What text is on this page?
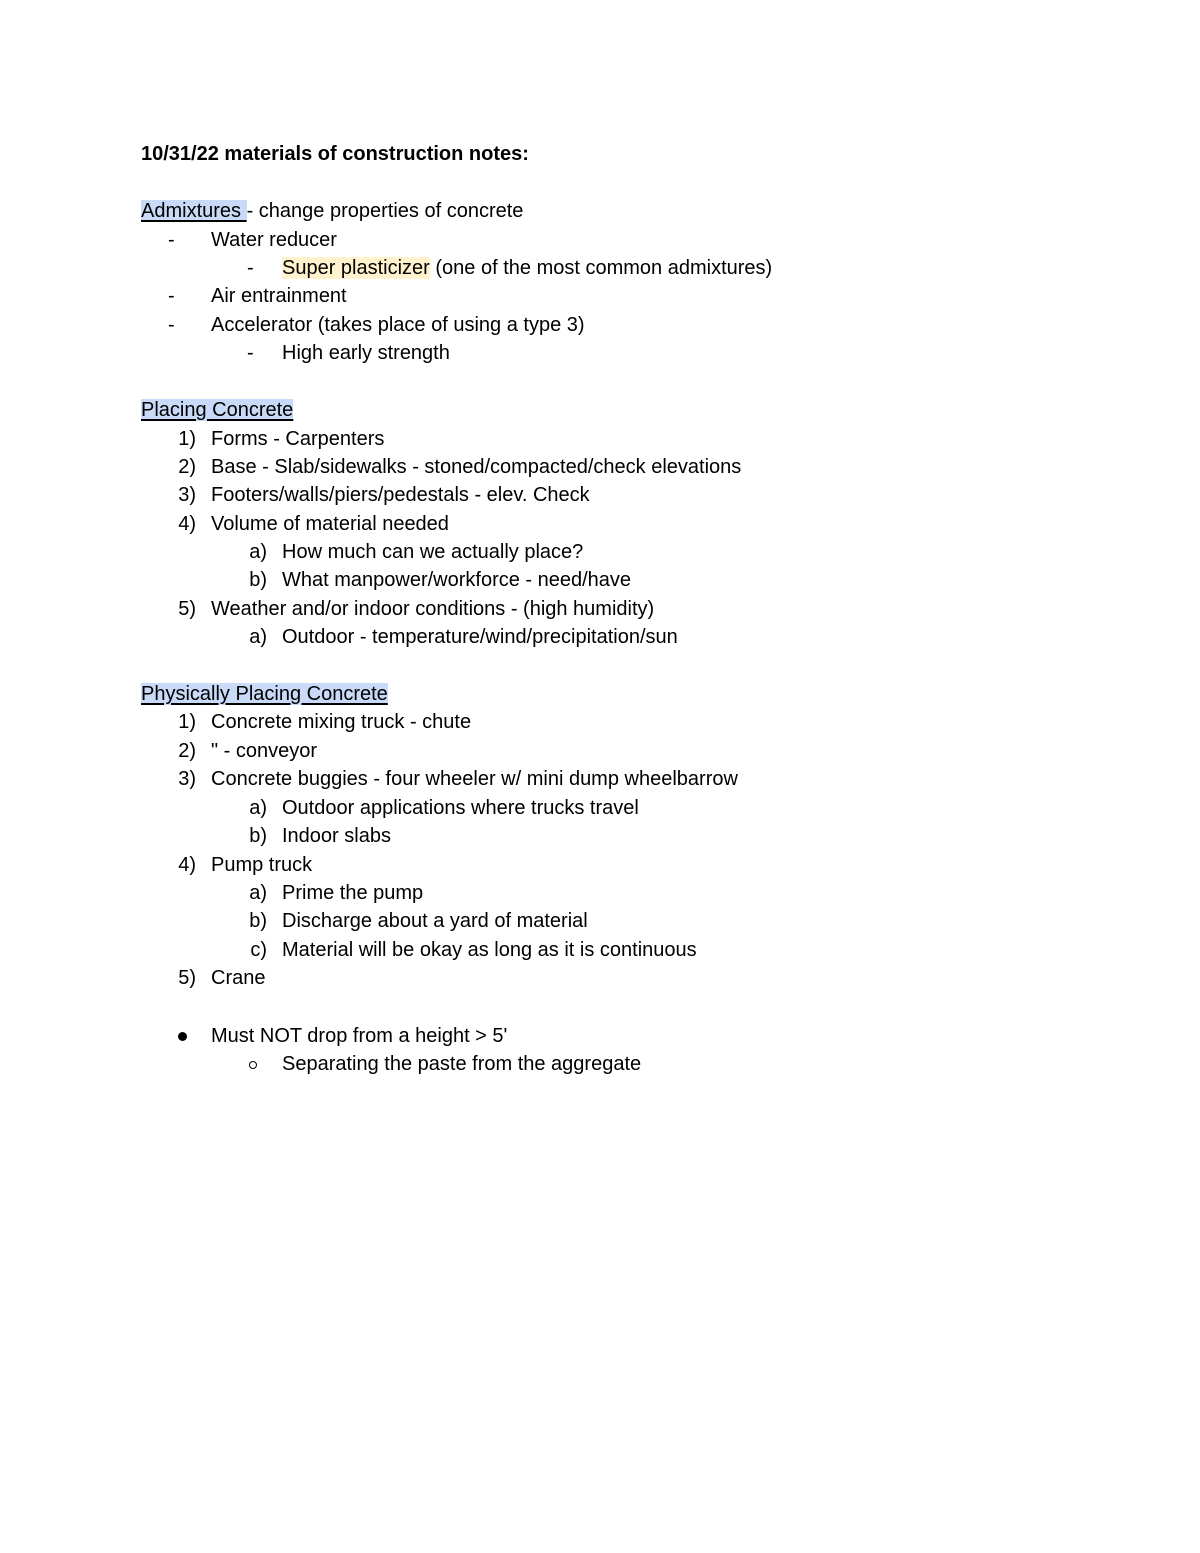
10/31/22 materials of construction notes:
Admixtures - change properties of concrete
-	Water reducer
-	Super plasticizer (one of the most common admixtures)
-	Air entrainment
-	Accelerator (takes place of using a type 3)
-	High early strength
Placing Concrete
1) Forms - Carpenters
2) Base - Slab/sidewalks - stoned/compacted/check elevations
3) Footers/walls/piers/pedestals - elev. Check
4) Volume of material needed
a) How much can we actually place?
b) What manpower/workforce - need/have
5) Weather and/or indoor conditions - (high humidity)
a) Outdoor - temperature/wind/precipitation/sun
Physically Placing Concrete
1) Concrete mixing truck - chute
2) " - conveyor
3) Concrete buggies - four wheeler w/ mini dump wheelbarrow
a) Outdoor applications where trucks travel
b) Indoor slabs
4) Pump truck
a) Prime the pump
b) Discharge about a yard of material
c) Material will be okay as long as it is continuous
5) Crane
Must NOT drop from a height > 5'
Separating the paste from the aggregate
